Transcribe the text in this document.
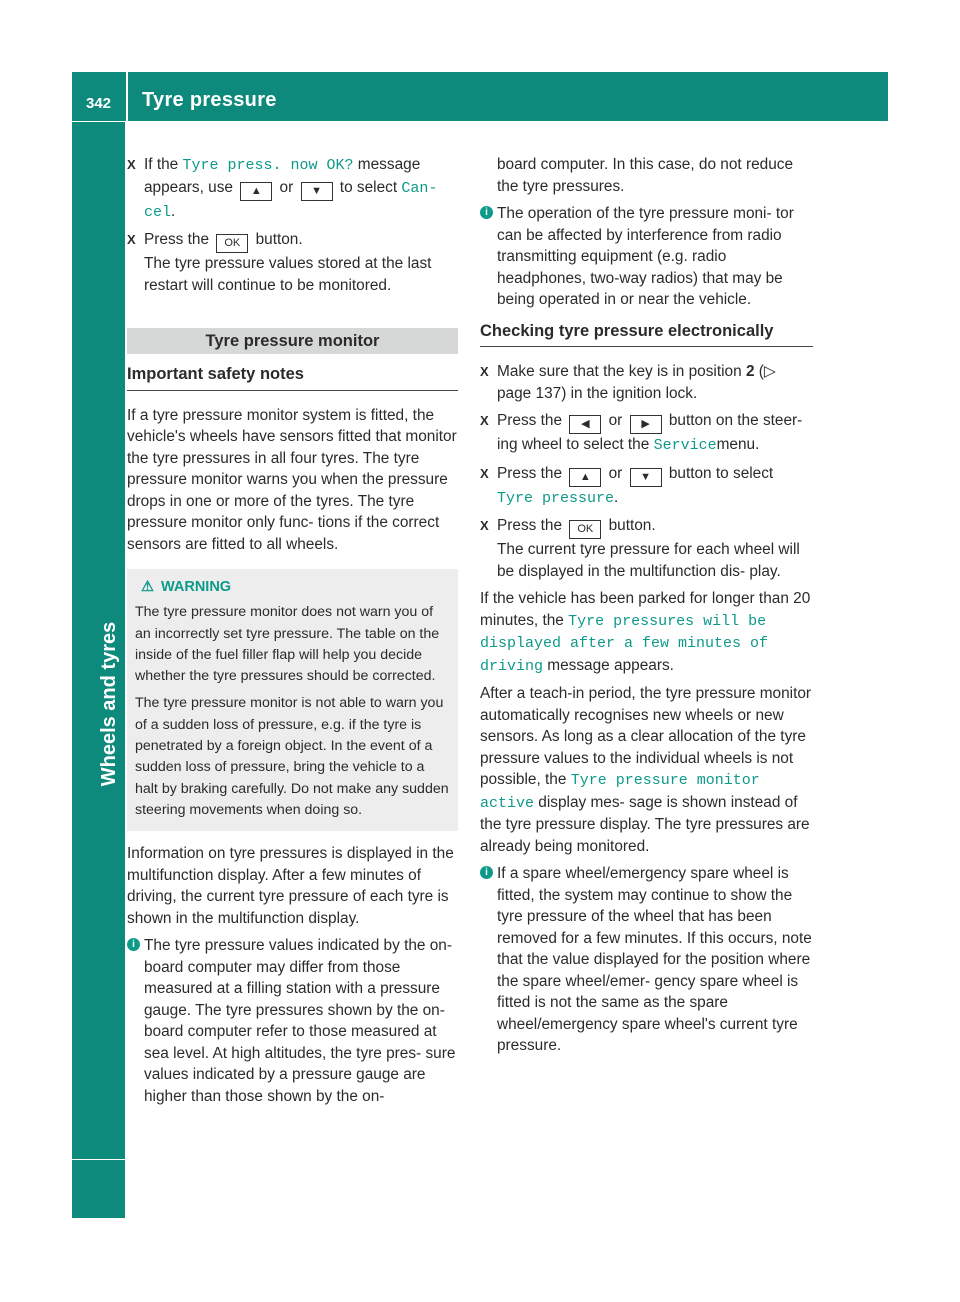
342 Tyre pressure
Wheels and tyres
X If the Tyre press. now OK? message appears, use ▲ or ▼ to select Can- cel.
X Press the OK button.
The tyre pressure values stored at the last restart will continue to be monitored.
Tyre pressure monitor
Important safety notes

If a tyre pressure monitor system is fitted, the vehicle's wheels have sensors fitted that monitor the tyre pressures in all four tyres. The tyre pressure monitor warns you when the pressure drops in one or more of the tyres. The tyre pressure monitor only func- tions if the correct sensors are fitted to all wheels.

⚠ WARNING

The tyre pressure monitor does not warn you of an incorrectly set tyre pressure. The table on the inside of the fuel filler flap will help you decide whether the tyre pressures should be corrected.

The tyre pressure monitor is not able to warn you of a sudden loss of pressure, e.g. if the tyre is penetrated by a foreign object. In the event of a sudden loss of pressure, bring the vehicle to a halt by braking carefully. Do not make any sudden steering movements when doing so.

Information on tyre pressures is displayed in the multifunction display. After a few minutes of driving, the current tyre pressure of each tyre is shown in the multifunction display.

i The tyre pressure values indicated by the on-board computer may differ from those measured at a filling station with a pressure gauge. The tyre pressures shown by the on- board computer refer to those measured at sea level. At high altitudes, the tyre pres- sure values indicated by a pressure gauge are higher than those shown by the on-

board computer. In this case, do not reduce the tyre pressures.

i The operation of the tyre pressure moni- tor can be affected by interference from radio transmitting equipment (e.g. radio headphones, two-way radios) that may be being operated in or near the vehicle.
Checking tyre pressure electronically
X Make sure that the key is in position 2 (▷ page 137) in the ignition lock.
X Press the ◀ or ▶ button on the steer- ing wheel to select the Servicemenu.
X Press the ▲ or ▼ button to select Tyre pressure.
X Press the OK button.
The current tyre pressure for each wheel will be displayed in the multifunction dis- play.

If the vehicle has been parked for longer than 20 minutes, the Tyre pressures will be displayed after a few minutes of driving message appears.

After a teach-in period, the tyre pressure monitor automatically recognises new wheels or new sensors. As long as a clear allocation of the tyre pressure values to the individual wheels is not possible, the Tyre pressure monitor active display mes- sage is shown instead of the tyre pressure display. The tyre pressures are already being monitored.

i If a spare wheel/emergency spare wheel is fitted, the system may continue to show the tyre pressure of the wheel that has been removed for a few minutes. If this occurs, note that the value displayed for the position where the spare wheel/emer- gency spare wheel is fitted is not the same as the spare wheel/emergency spare wheel's current tyre pressure.
